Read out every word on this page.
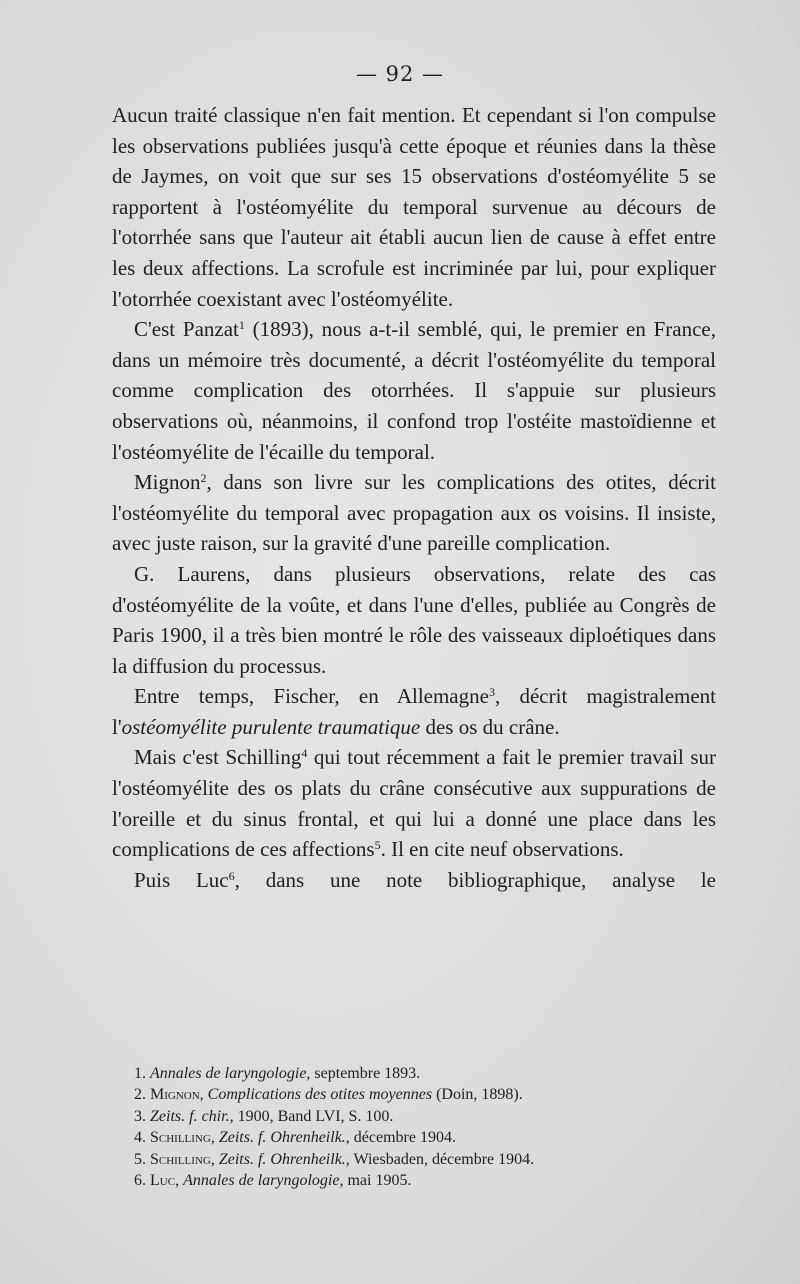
— 92 —

Aucun traité classique n'en fait mention. Et cependant si l'on compulse les observations publiées jusqu'à cette époque et réunies dans la thèse de Jaymes, on voit que sur ses 15 observations d'ostéomyélite 5 se rapportent à l'ostéomyélite du temporal survenue au décours de l'otorrhée sans que l'auteur ait établi aucun lien de cause à effet entre les deux affections. La scrofule est incriminée par lui, pour expliquer l'otorrhée coexistant avec l'ostéomyélite.

C'est Panzat$^1$ (1893), nous a-t-il semblé, qui, le premier en France, dans un mémoire très documenté, a décrit l'ostéomyélite du temporal comme complication des otorrhées. Il s'appuie sur plusieurs observations où, néanmoins, il confond trop l'ostéite mastoïdienne et l'ostéomyélite de l'écaille du temporal.

Mignon$^2$, dans son livre sur les complications des otites, décrit l'ostéomyélite du temporal avec propagation aux os voisins. Il insiste, avec juste raison, sur la gravité d'une pareille complication.

G. Laurens, dans plusieurs observations, relate des cas d'ostéomyélite de la voûte, et dans l'une d'elles, publiée au Congrès de Paris 1900, il a très bien montré le rôle des vaisseaux diploétiques dans la diffusion du processus.

Entre temps, Fischer, en Allemagne$^3$, décrit magistralement l'ostéomyélite purulente traumatique des os du crâne.

Mais c'est Schilling$^4$ qui tout récemment a fait le premier travail sur l'ostéomyélite des os plats du crâne consécutive aux suppurations de l'oreille et du sinus frontal, et qui lui a donné une place dans les complications de ces affections$^5$. Il en cite neuf observations.

Puis Luc$^6$, dans une note bibliographique, analyse le

1. Annales de laryngologie, septembre 1893.
2. Mignon, Complications des otites moyennes (Doin, 1898).
3. Zeits. f. chir., 1900, Band LVI, S. 100.
4. Schilling, Zeits. f. Ohrenheilk., décembre 1904.
5. Schilling, Zeits. f. Ohrenheilk., Wiesbaden, décembre 1904.
6. Luc, Annales de laryngologie, mai 1905.
